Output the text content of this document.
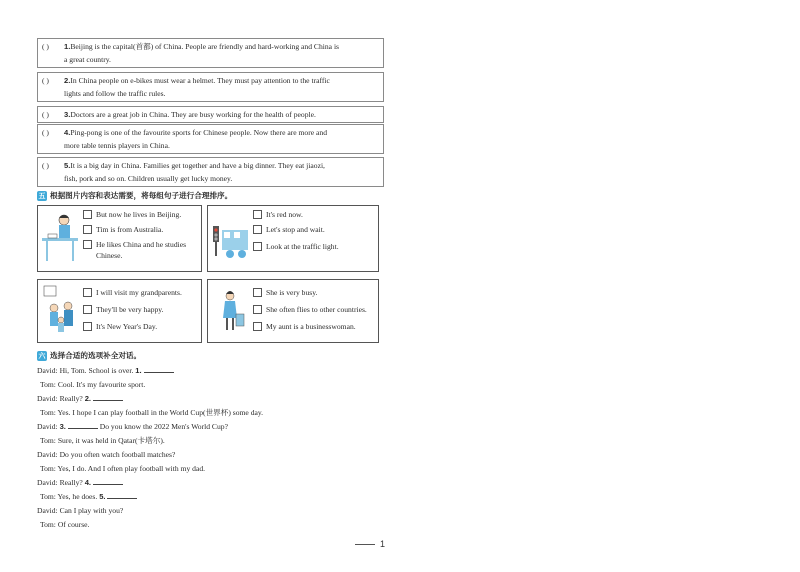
( )	1.Beijing is the capital(首都) of China. People are friendly and hard-working and China is
a great country.
( )	2.In China people on e-bikes must wear a helmet. They must pay attention to the traffic
lights and follow the traffic rules.
( )	3.Doctors are a great job in China. They are busy working for the health of people.
( )	4.Ping-pong is one of the favourite sports for Chinese people. Now there are more and
more table tennis players in China.
( )	5.It is a big day in China. Families get together and have a big dinner. They eat jiaozi,
fish, pork and so on. Children usually get lucky money.
五 根据图片内容和表达需要，将每组句子进行合理排序。
But now he lives in Beijing.
Tim is from Australia.
He likes China and he studies
Chinese.
It's red now.
Let's stop and wait.
Look at the traffic light.
I will visit my grandparents.
They'll be very happy.
It's New Year's Day.
She is very busy.
She often flies to other countries.
My aunt is a businesswoman.
六 选择合适的选项补全对话。
David: Hi, Tom. School is over. 1.
Tom: Cool. It's my favourite sport.
David: Really? 2.
Tom: Yes. I hope I can play football in the World Cup(世界杯) some day.
David: 3.	Do you know the 2022 Men's World Cup?
Tom: Sure, it was held in Qatar(卡塔尔).
David: Do you often watch football matches?
Tom: Yes, I do. And I often play football with my dad.
David: Really? 4.
Tom: Yes, he does. 5.
David: Can I play with you?
Tom: Of course.
1
